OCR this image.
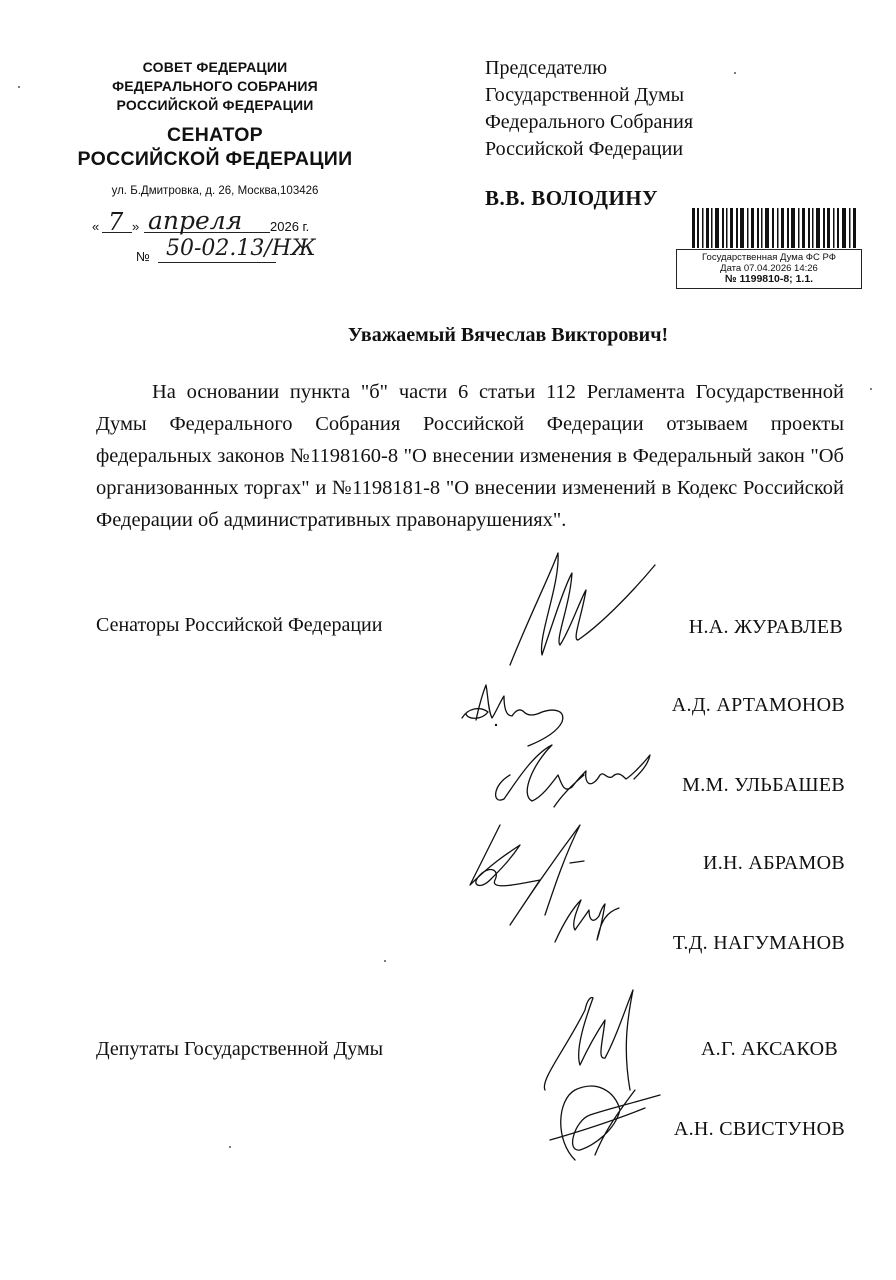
СОВЕТ ФЕДЕРАЦИИ
ФЕДЕРАЛЬНОГО СОБРАНИЯ
РОССИЙСКОЙ ФЕДЕРАЦИИ
СЕНАТОР
РОССИЙСКОЙ ФЕДЕРАЦИИ
ул. Б.Дмитровка, д. 26, Москва,103426
« 7 » апреля 2026 г.
№ 50-02.13/НЖ
Председателю
Государственной Думы
Федерального Собрания
Российской Федерации
В.В. ВОЛОДИНУ
Государственная Дума ФС РФ
Дата 07.04.2026 14:26
№ 1199810-8; 1.1.
Уважаемый Вячеслав Викторович!
На основании пункта "б" части 6 статьи 112 Регламента Государственной Думы Федерального Собрания Российской Федерации отзываем проекты федеральных законов №1198160-8 "О внесении изменения в Федеральный закон "Об организованных торгах" и №1198181-8 "О внесении изменений в Кодекс Российской Федерации об административных правонарушениях".
Сенаторы Российской Федерации	Н.А. ЖУРАВЛЕВ
А.Д. АРТАМОНОВ
М.М. УЛЬБАШЕВ
И.Н. АБРАМОВ
Т.Д. НАГУМАНОВ
Депутаты Государственной Думы	А.Г. АКСАКОВ
А.Н. СВИСТУНОВ
